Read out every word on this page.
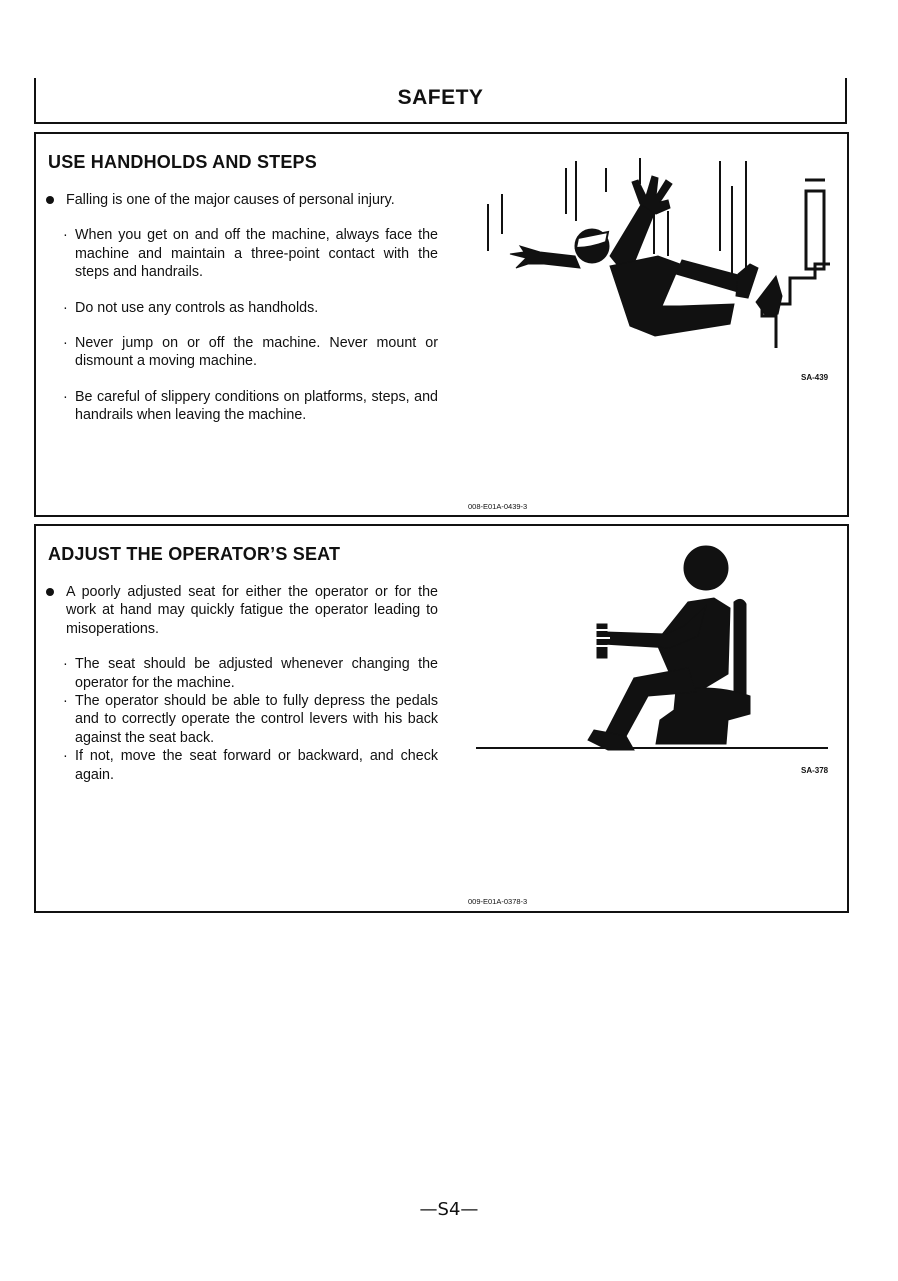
SAFETY
USE HANDHOLDS AND STEPS
Falling is one of the major causes of personal injury.
· When you get on and off the machine, always face the machine and maintain a three-point contact with the steps and handrails.
· Do not use any controls as handholds.
· Never jump on or off the machine. Never mount or dismount a moving machine.
· Be careful of slippery conditions on platforms, steps, and handrails when leaving the machine.
SA-439
008-E01A-0439-3
ADJUST THE OPERATOR’S SEAT
A poorly adjusted seat for either the operator or for the work at hand may quickly fatigue the operator leading to misoperations.
· The seat should be adjusted whenever changing the operator for the machine.
· The operator should be able to fully depress the pedals and to correctly operate the control levers with his back against the seat back.
· If not, move the seat forward or backward, and check again.	SA-378
009-E01A-0378-3
—S4—
